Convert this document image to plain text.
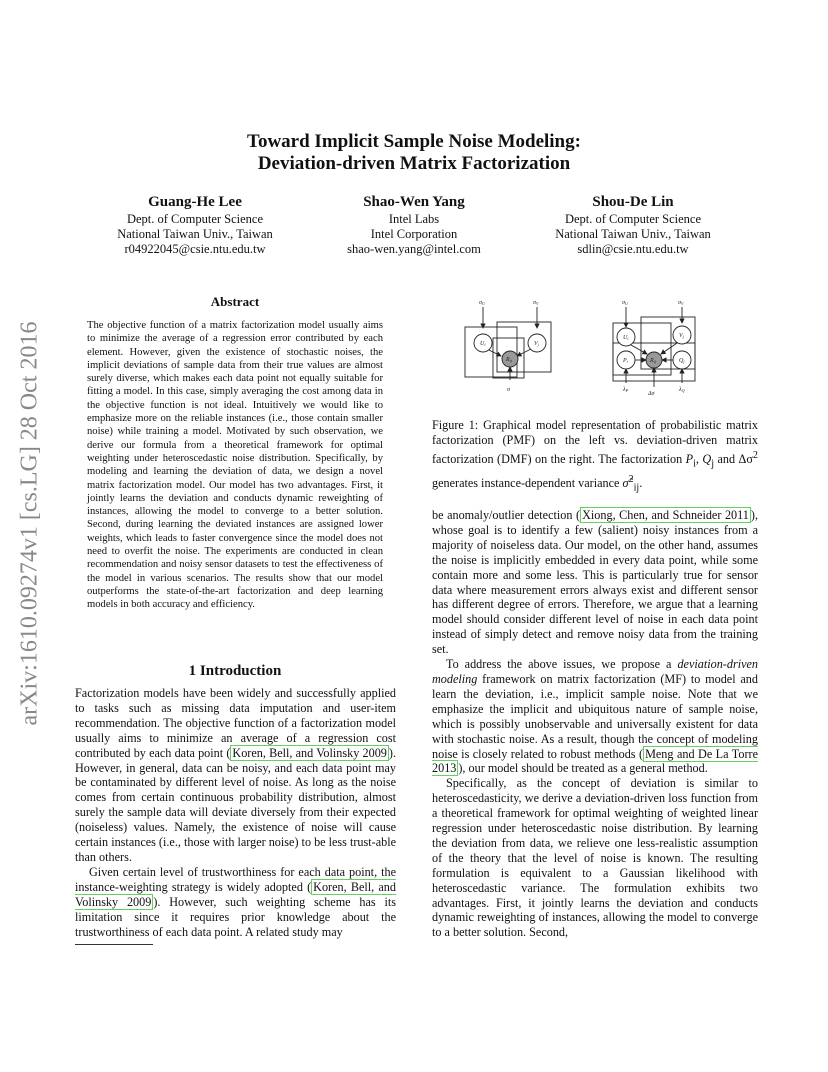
Toward Implicit Sample Noise Modeling:
Deviation-driven Matrix Factorization
Guang-He Lee
Dept. of Computer Science
National Taiwan Univ., Taiwan
r04922045@csie.ntu.edu.tw
Shao-Wen Yang
Intel Labs
Intel Corporation
shao-wen.yang@intel.com
Shou-De Lin
Dept. of Computer Science
National Taiwan Univ., Taiwan
sdlin@csie.ntu.edu.tw
arXiv:1610.09274v1 [cs.LG] 28 Oct 2016
Abstract
The objective function of a matrix factorization model usually aims to minimize the average of a regression error contributed by each element. However, given the existence of stochastic noises, the implicit deviations of sample data from their true values are almost surely diverse, which makes each data point not equally suitable for fitting a model. In this case, simply averaging the cost among data in the objective function is not ideal. Intuitively we would like to emphasize more on the reliable instances (i.e., those contain smaller noise) while training a model. Motivated by such observation, we derive our formula from a theoretical framework for optimal weighting under heteroscedastic noise distribution. Specifically, by modeling and learning the deviation of data, we design a novel matrix factorization model. Our model has two advantages. First, it jointly learns the deviation and conducts dynamic reweighting of instances, allowing the model to converge to a better solution. Second, during learning the deviated instances are assigned lower weights, which leads to faster convergence since the model does not need to overfit the noise. The experiments are conducted in clean recommendation and noisy sensor datasets to test the effectiveness of the model in various scenarios. The results show that our model outperforms the state-of-the-art factorization and deep learning models in both accuracy and efficiency.
1 Introduction

Factorization models have been widely and successfully applied to tasks such as missing data imputation and user-item recommendation. The objective function of a factorization model usually aims to minimize an average of a regression cost contributed by each data point ( Koren, Bell, and Volinsky 2009 ). However, in general, data can be noisy, and each data point may be contaminated by different level of noise. As long as the noise comes from certain continuous probability distribution, almost surely the sample data will deviate diversely from their expected (noiseless) values. Namely, the existence of noise will cause certain instances (i.e., those with larger noise) to be less trust-able than others.

Given certain level of trustworthiness for each data point, the instance-weighting strategy is widely adopted ( Koren, Bell, and Volinsky 2009 ). However, such weighting scheme has its limitation since it requires prior knowledge about the trustworthiness of each data point. A related study may

σU	σV
Ui	Vj
Rij
σ
σU	σV
Ui	Vj
Pi	Qj
Rij
λP	λQ
Δσ
Figure 1: Graphical model representation of probabilistic matrix factorization (PMF) on the left vs. deviation-driven matrix factorization (DMF) on the right. The factorization $P_i$, $Q_j$ and $\Delta\sigma^2$ generates instance-dependent variance σ̂$^2_{ij}$.

be anomaly/outlier detection ( Xiong, Chen, and Schneider 2011 ), whose goal is to identify a few (salient) noisy instances from a majority of noiseless data. Our model, on the other hand, assumes the noise is implicitly embedded in every data point, while some contain more and some less. This is particularly true for sensor data where measurement errors always exist and different sensor has different degree of errors. Therefore, we argue that a learning model should consider different level of noise in each data point instead of simply detect and remove noisy data from the training set.

To address the above issues, we propose a deviation-driven modeling framework on matrix factorization (MF) to model and learn the deviation, i.e., implicit sample noise. Note that we emphasize the implicit and ubiquitous nature of sample noise, which is possibly unobservable and universally existent for data with stochastic noise. As a result, though the concept of modeling noise is closely related to robust methods ( Meng and De La Torre 2013 ), our model should be treated as a general method.

Specifically, as the concept of deviation is similar to heteroscedasticity, we derive a deviation-driven loss function from a theoretical framework for optimal weighting of weighted linear regression under heteroscedastic noise distribution. By learning the deviation from data, we relieve one less-realistic assumption of the theory that the level of noise is known. The resulting formulation is equivalent to a Gaussian likelihood with heteroscedastic variance. The formulation exhibits two advantages. First, it jointly learns the deviation and conducts dynamic reweighting of instances, allowing the model to converge to a better solution. Second,
